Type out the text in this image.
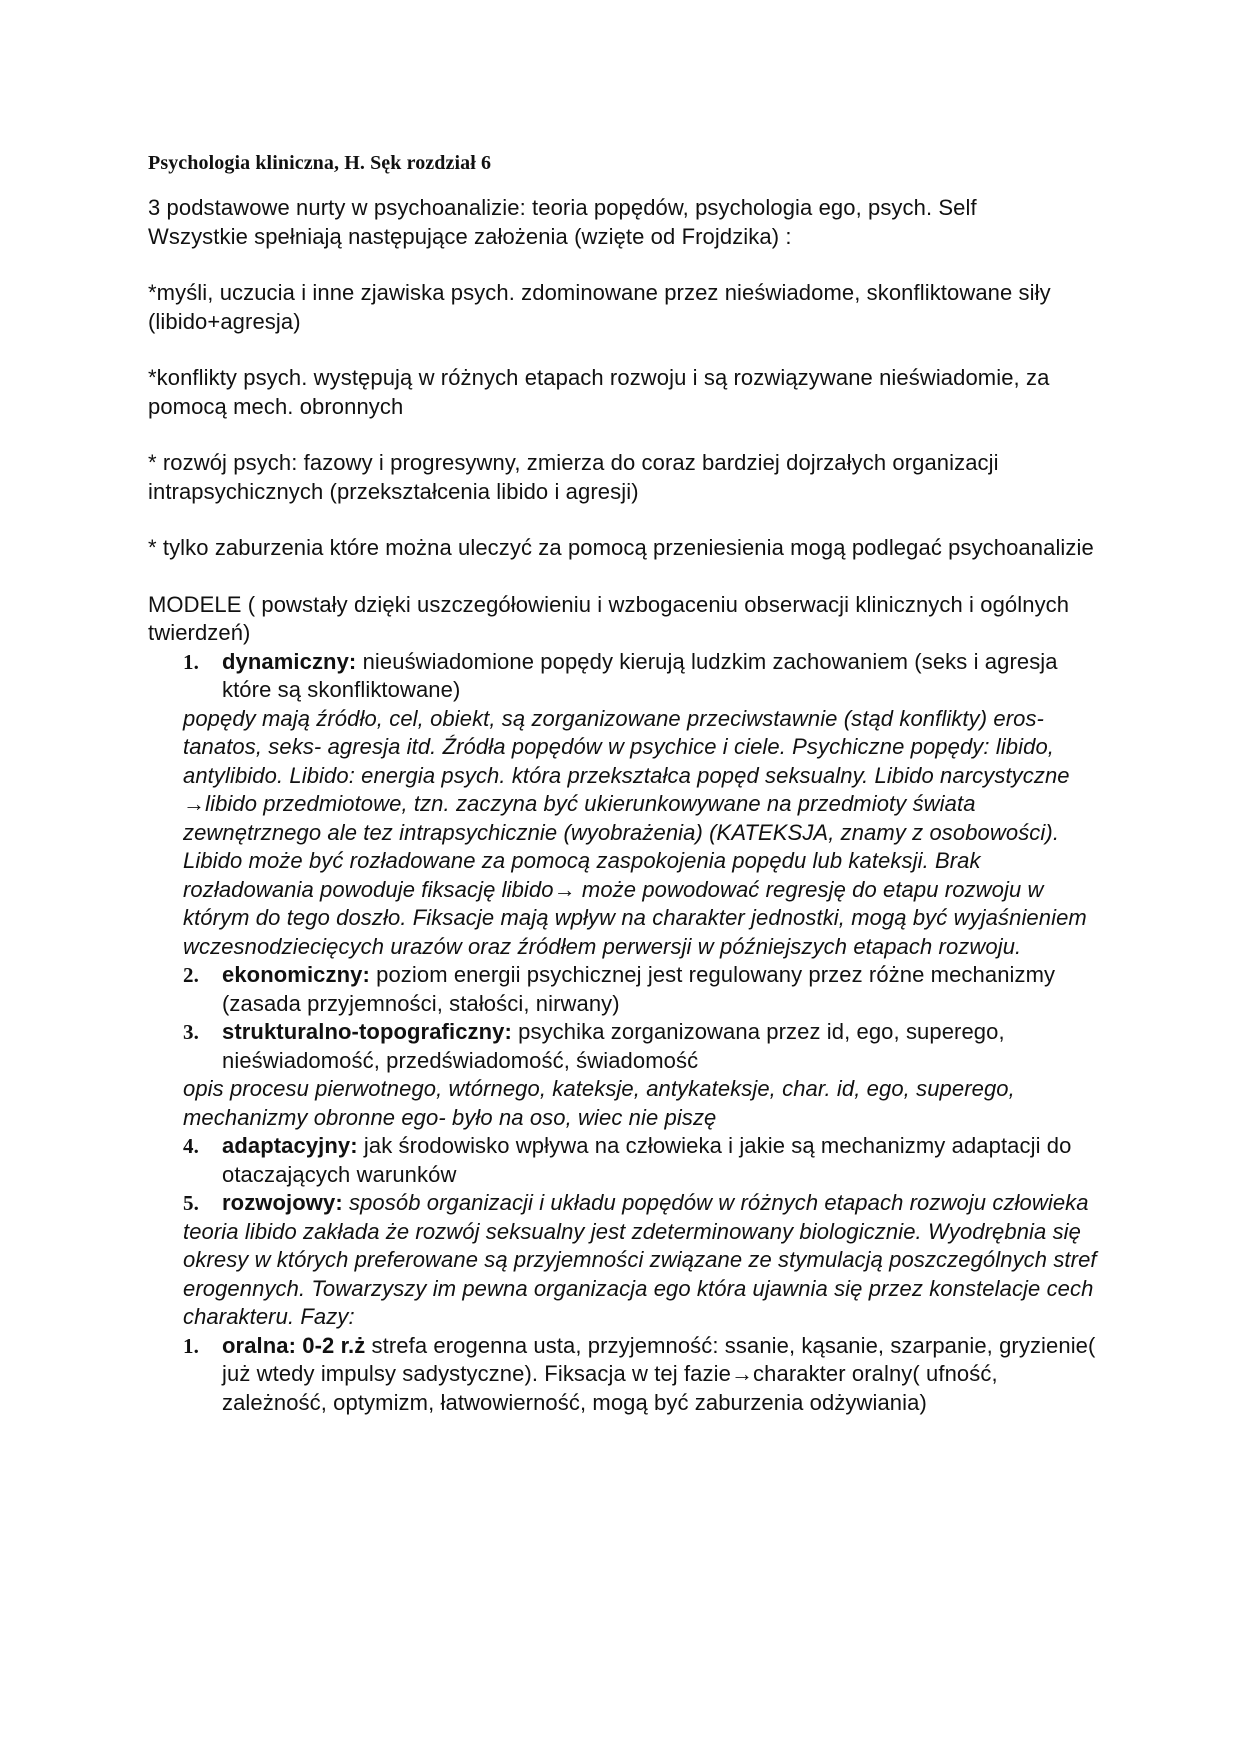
Psychologia kliniczna, H. Sęk rozdział 6
3 podstawowe nurty w psychoanalizie: teoria popędów, psychologia ego, psych. Self
Wszystkie spełniają następujące założenia (wzięte od Frojdzika) :
*myśli, uczucia i inne zjawiska psych. zdominowane przez nieświadome, skonfliktowane siły (libido+agresja)
*konflikty psych. występują w różnych etapach rozwoju i są rozwiązywane nieświadomie, za pomocą mech. obronnych
* rozwój psych: fazowy i progresywny, zmierza do coraz bardziej dojrzałych organizacji intrapsychicznych (przekształcenia libido i agresji)
* tylko zaburzenia które można uleczyć za pomocą przeniesienia mogą podlegać psychoanalizie
MODELE ( powstały dzięki uszczegółowieniu i wzbogaceniu obserwacji klinicznych i ogólnych twierdzeń)
1. dynamiczny: nieuświadomione popędy kierują ludzkim zachowaniem (seks i agresja które są skonfliktowane)
popędy mają źródło, cel, obiekt, są zorganizowane przeciwstawnie (stąd konflikty) eros- tanatos, seks- agresja itd. Źródła popędów w psychice i ciele. Psychiczne popędy: libido, antylibido. Libido: energia psych. która przekształca popęd seksualny. Libido narcystyczne →libido przedmiotowe, tzn. zaczyna być ukierunkowywane na przedmioty świata zewnętrznego ale tez intrapsychicznie (wyobrażenia) (KATEKSJA, znamy z osobowości). Libido może być rozładowane za pomocą zaspokojenia popędu lub kateksji. Brak rozładowania powoduje fiksację libido→ może powodować regresję do etapu rozwoju w którym do tego doszło. Fiksacje mają wpływ na charakter jednostki, mogą być wyjaśnieniem wczesnodziecięcych urazów oraz źródłem perwersji w późniejszych etapach rozwoju.
2. ekonomiczny: poziom energii psychicznej jest regulowany przez różne mechanizmy (zasada przyjemności, stałości, nirwany)
3. strukturalno-topograficzny: psychika zorganizowana przez id, ego, superego, nieświadomość, przedświadomość, świadomość
opis procesu pierwotnego, wtórnego, kateksje, antykateksje, char. id, ego, superego, mechanizmy obronne ego- było na oso, wiec nie piszę
4. adaptacyjny: jak środowisko wpływa na człowieka i jakie są mechanizmy adaptacji do otaczających warunków
5. rozwojowy: sposób organizacji i układu popędów w różnych etapach rozwoju człowieka
teoria libido zakłada że rozwój seksualny jest zdeterminowany biologicznie. Wyodrębnia się okresy w których preferowane są przyjemności związane ze stymulacją poszczególnych stref erogennych. Towarzyszy im pewna organizacja ego która ujawnia się przez konstelacje cech charakteru. Fazy:
1. oralna: 0-2 r.ż strefa erogenna usta, przyjemność: ssanie, kąsanie, szarpanie, gryzienie( już wtedy impulsy sadystyczne). Fiksacja w tej fazie→charakter oralny( ufność, zależność, optymizm, łatwowierność, mogą być zaburzenia odżywiania)
